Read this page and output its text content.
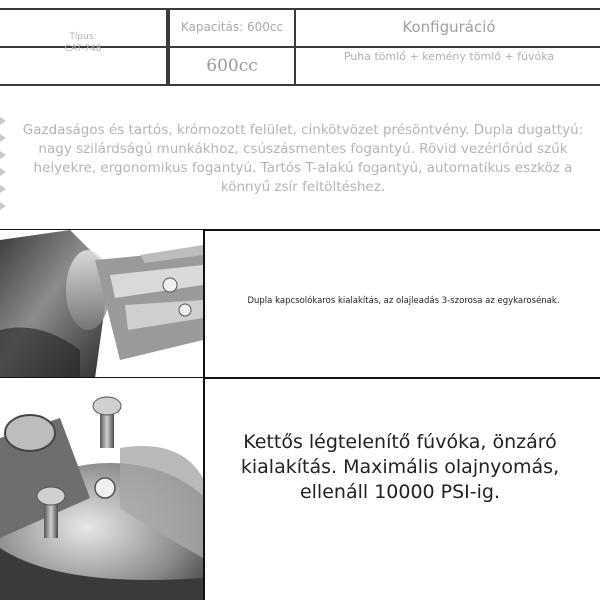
Típus:
CAT-748
Kapacitás: 600cc
600cc
Konfiguráció
Puha tömlő + kemény tömlő + fúvóka
Gazdaságos és tartós, krómozott felület, cinkötvözet présöntvény. Dupla dugattyú: nagy szilárdságú munkákhoz, csúszásmentes fogantyú. Rövid vezérlőrúd szűk helyekre, ergonomikus fogantyú. Tartós T-alakú fogantyú, automatikus eszköz a könnyű zsír feltöltéshez.
Dupla kapcsolókaros kialakítás, az olajleadás 3-szorosa az egykarosénak.
Kettős légtelenítő fúvóka, önzáró kialakítás. Maximális olajnyomás, ellenáll 10000 PSI-ig.
